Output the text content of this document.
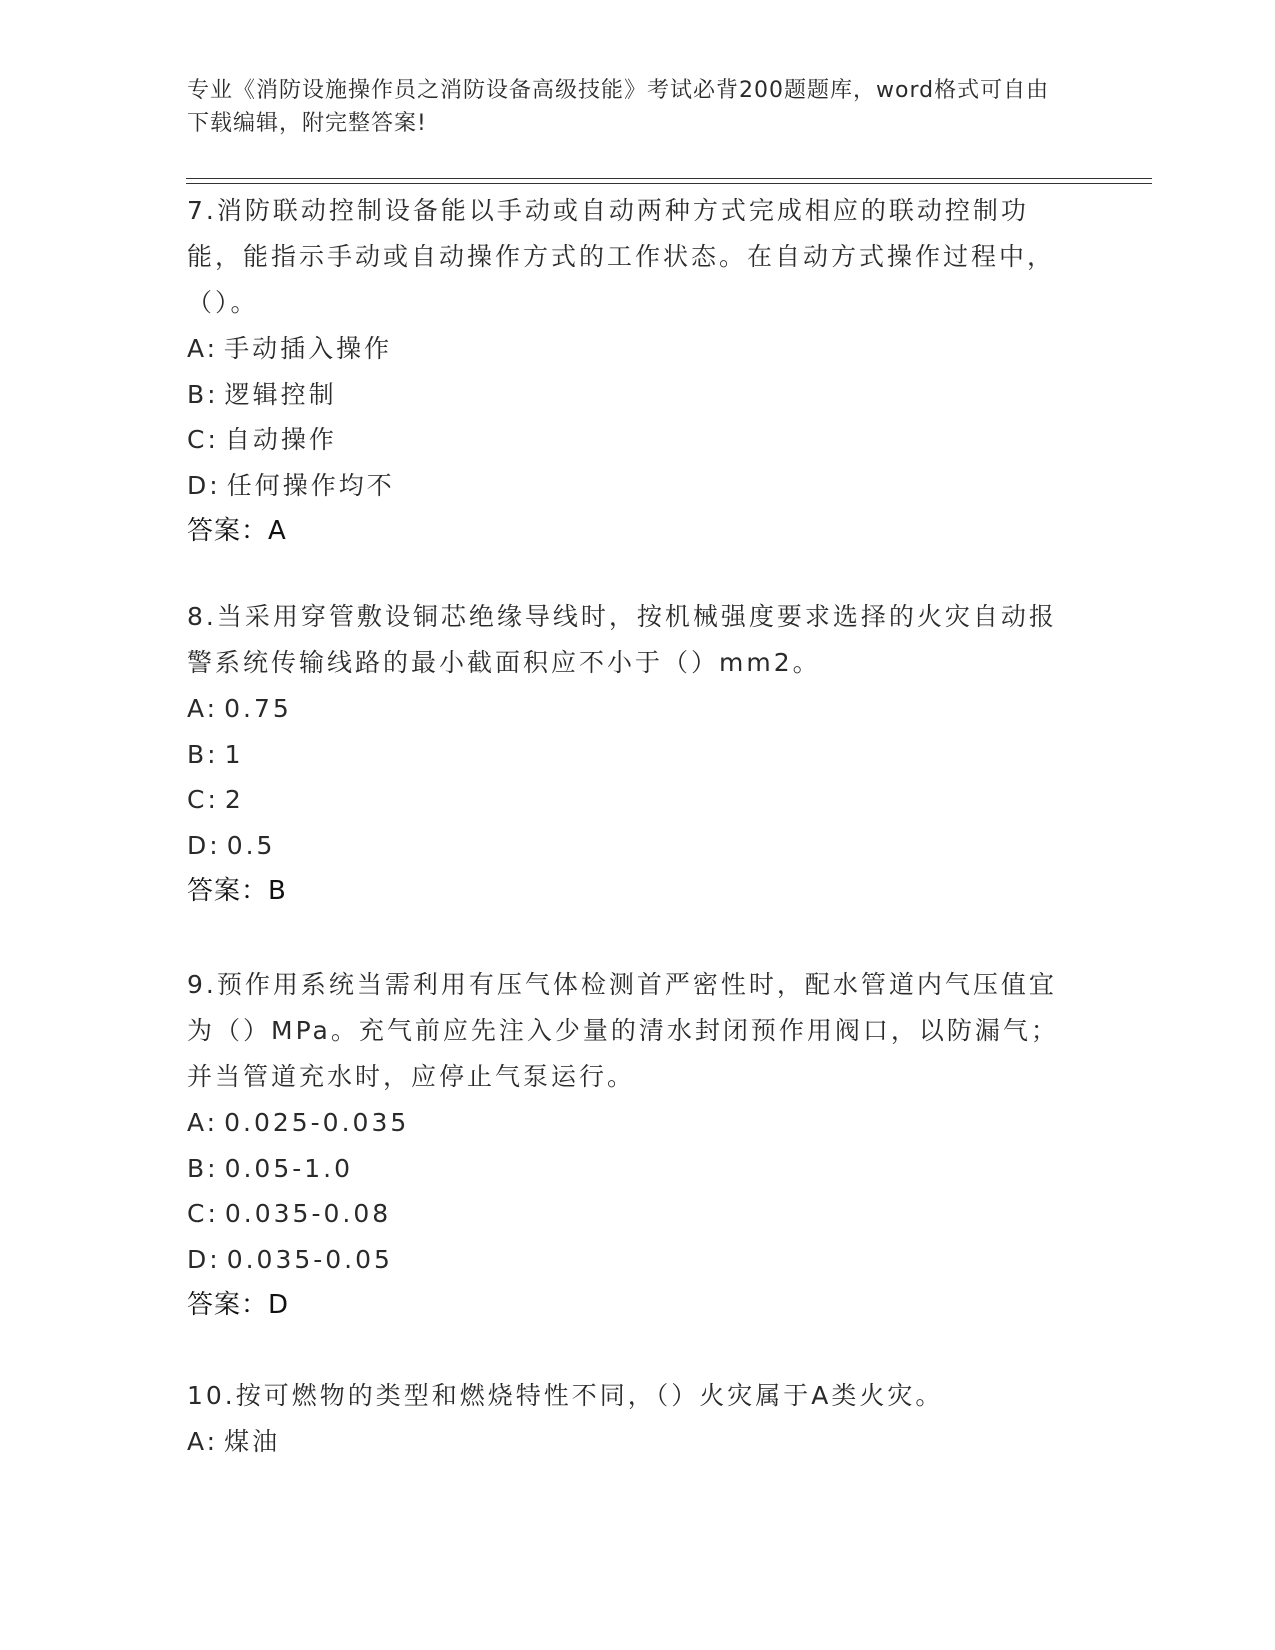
专业《消防设施操作员之消防设备高级技能》考试必背200题题库，word格式可自由下载编辑，附完整答案!

7.消防联动控制设备能以手动或自动两种方式完成相应的联动控制功能，能指示手动或自动操作方式的工作状态。在自动方式操作过程中，（）。

A: 手动插入操作

B: 逻辑控制

C: 自动操作

D: 任何操作均不

答案：A

8.当采用穿管敷设铜芯绝缘导线时，按机械强度要求选择的火灾自动报警系统传输线路的最小截面积应不小于（）mm2。

A: 0.75

B: 1

C: 2

D: 0.5

答案：B

9.预作用系统当需利用有压气体检测首严密性时，配水管道内气压值宜为（）MPa。充气前应先注入少量的清水封闭预作用阀口，以防漏气；并当管道充水时，应停止气泵运行。

A: 0.025-0.035

B: 0.05-1.0

C: 0.035-0.08

D: 0.035-0.05

答案：D

10.按可燃物的类型和燃烧特性不同，（）火灾属于A类火灾。

A: 煤油
